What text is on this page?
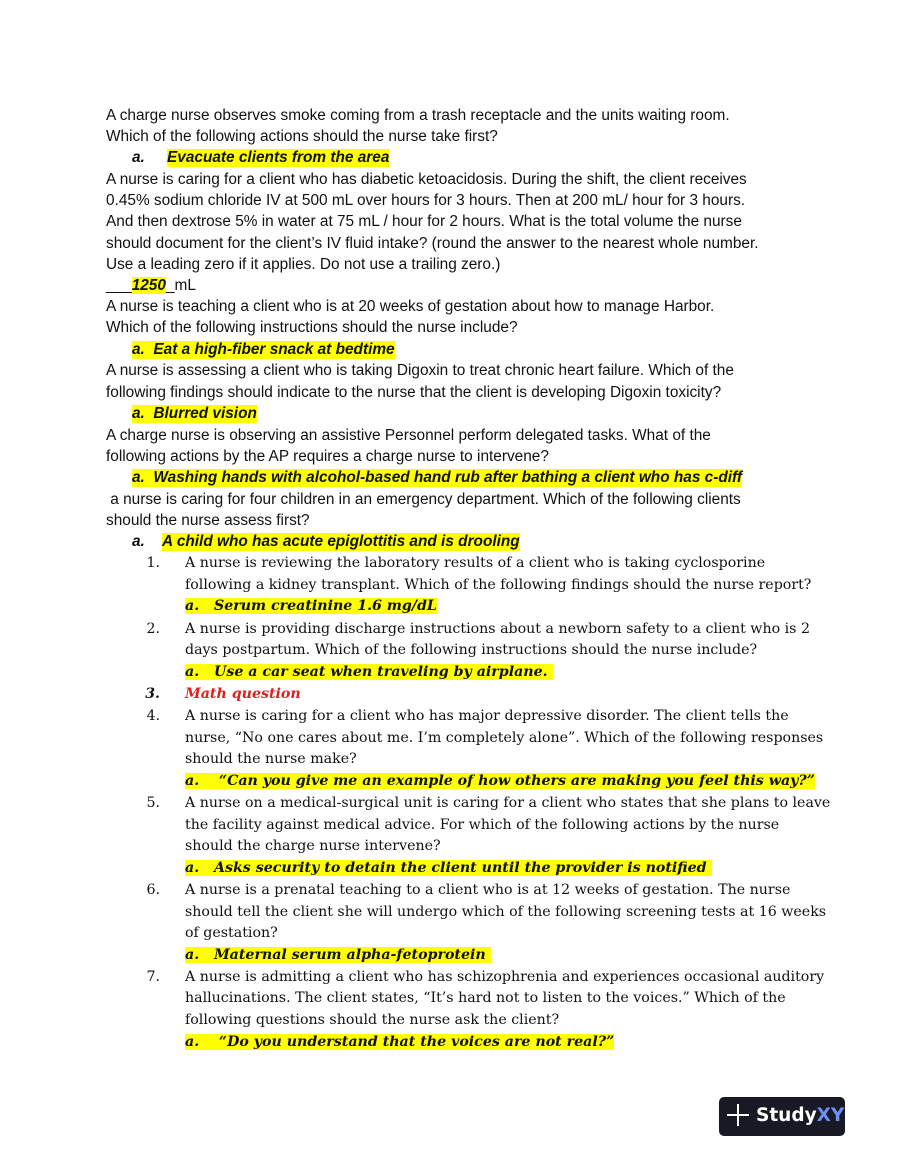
A charge nurse observes smoke coming from a trash receptacle and the units waiting room.
Which of the following actions should the nurse take first?
a. Evacuate clients from the area
A nurse is caring for a client who has diabetic ketoacidosis. During the shift, the client receives
0.45% sodium chloride IV at 500 mL over hours for 3 hours. Then at 200 mL/ hour for 3 hours.
And then dextrose 5% in water at 75 mL / hour for 2 hours. What is the total volume the nurse
should document for the client’s IV fluid intake? (round the answer to the nearest whole number.
Use a leading zero if it applies. Do not use a trailing zero.)
___1250_mL
A nurse is teaching a client who is at 20 weeks of gestation about how to manage Harbor.
Which of the following instructions should the nurse include?
a. Eat a high-fiber snack at bedtime
A nurse is assessing a client who is taking Digoxin to treat chronic heart failure. Which of the
following findings should indicate to the nurse that the client is developing Digoxin toxicity?
a. Blurred vision
A charge nurse is observing an assistive Personnel perform delegated tasks. What of the
following actions by the AP requires a charge nurse to intervene?
a. Washing hands with alcohol-based hand rub after bathing a client who has c-diff
a nurse is caring for four children in an emergency department. Which of the following clients
should the nurse assess first?
a. A child who has acute epiglottitis and is drooling
1. A nurse is reviewing the laboratory results of a client who is taking cyclosporine
following a kidney transplant. Which of the following findings should the nurse report?
a. Serum creatinine 1.6 mg/dL
2. A nurse is providing discharge instructions about a newborn safety to a client who is 2
days postpartum. Which of the following instructions should the nurse include?
a. Use a car seat when traveling by airplane.
3. Math question
4. A nurse is caring for a client who has major depressive disorder. The client tells the
nurse, “No one cares about me. I’m completely alone”. Which of the following responses
should the nurse make?
a. “Can you give me an example of how others are making you feel this way?”
5. A nurse on a medical-surgical unit is caring for a client who states that she plans to leave
the facility against medical advice. For which of the following actions by the nurse
should the charge nurse intervene?
a. Asks security to detain the client until the provider is notified
6. A nurse is a prenatal teaching to a client who is at 12 weeks of gestation. The nurse
should tell the client she will undergo which of the following screening tests at 16 weeks
of gestation?
a. Maternal serum alpha-fetoprotein
7. A nurse is admitting a client who has schizophrenia and experiences occasional auditory
hallucinations. The client states, “It’s hard not to listen to the voices.” Which of the
following questions should the nurse ask the client?
a. “Do you understand that the voices are not real?”
StudyXY
